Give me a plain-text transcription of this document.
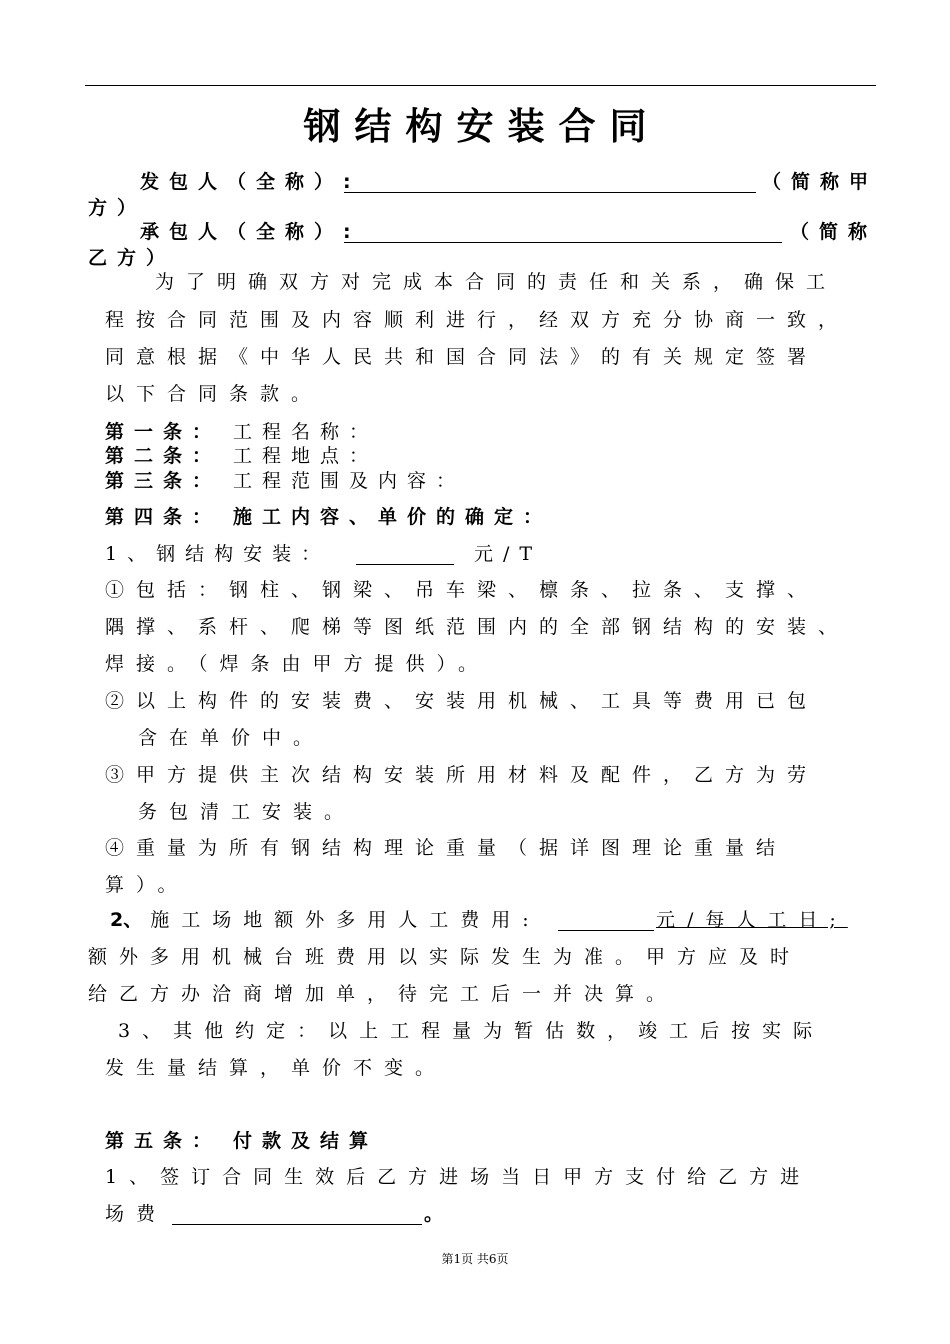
钢结构安装合同
发包人（全称）:	（简称甲
方）
承包人（全称）:	（简称
乙方）
为了明确双方对完成本合同的责任和关系，确保工
程按合同范围及内容顺利进行，经双方充分协商一致，
同意根据《中华人民共和国合同法》的有关规定签署
以下合同条款。
第一条： 工程名称：
第二条： 工程地点：
第三条： 工程范围及内容：
第四条： 施工内容、单价的确定：
1、钢结构安装：	元/T
①包括：钢柱、钢梁、吊车梁、檩条、拉条、支撑、
隅撑、系杆、爬梯等图纸范围内的全部钢结构的安装、
焊接。（焊条由甲方提供）。
②以上构件的安装费、安装用机械、工具等费用已包
含在单价中。
③甲方提供主次结构安装所用材料及配件，乙方为劳
务包清工安装。
④重量为所有钢结构理论重量（据详图理论重量结
算）。
2、 施工场地额外多用人工费用:	元/每人工日;
额外多用机械台班费用以实际发生为准。甲方应及时
给乙方办洽商增加单，待完工后一并决算。
3、其他约定：以上工程量为暂估数，竣工后按实际
发生量结算，单价不变。
第五条： 付款及结算
1、签订合同生效后乙方进场当日甲方支付给乙方进
场费	。
第1页 共6页
